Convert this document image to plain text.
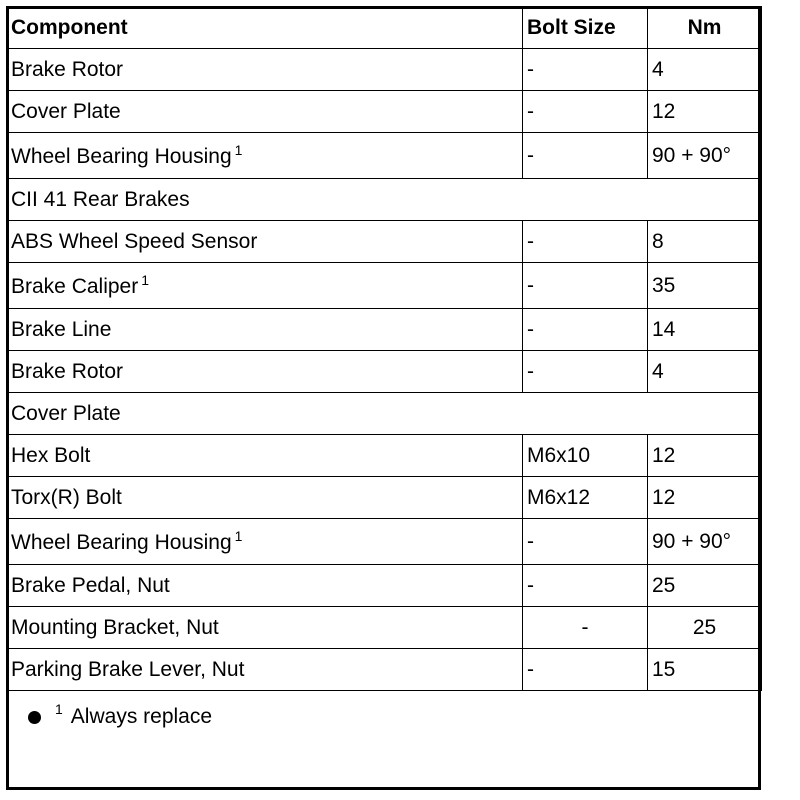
Component	Bolt Size	Nm
Brake Rotor	-	4
Cover Plate	-	12
Wheel Bearing Housing $^1$	-	90 + 90°
CII 41 Rear Brakes		
ABS Wheel Speed Sensor	-	8
Brake Caliper $^1$	-	35
Brake Line	-	14
Brake Rotor	-	4
Cover Plate		
Hex Bolt	M6x10	12
Torx(R) Bolt	M6x12	12
Wheel Bearing Housing $^1$	-	90 + 90°
Brake Pedal, Nut	-	25
Mounting Bracket, Nut	-	25
Parking Brake Lever, Nut	-	15
1 Always replace
